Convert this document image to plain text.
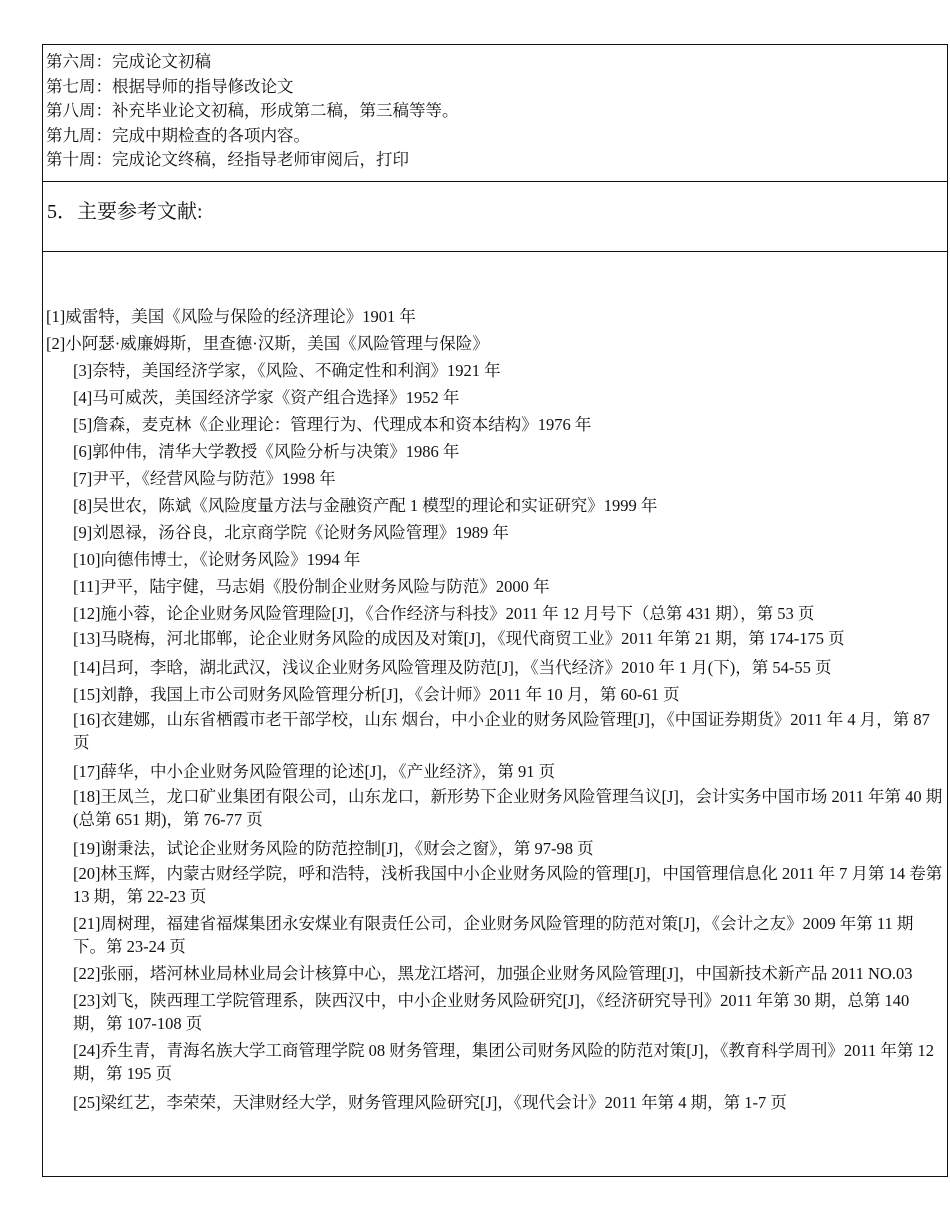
第六周：完成论文初稿
第七周：根据导师的指导修改论文
第八周：补充毕业论文初稿，形成第二稿，第三稿等等。
第九周：完成中期检查的各项内容。
第十周：完成论文终稿，经指导老师审阅后，打印
5．主要参考文献:

[1]威雷特，美国《风险与保险的经济理论》1901 年

[2]小阿瑟·威廉姆斯，里查德·汉斯，美国《风险管理与保险》

[3]奈特，美国经济学家，《风险、不确定性和利润》1921 年

[4]马可威茨，美国经济学家《资产组合选择》1952 年

[5]詹森，麦克林《企业理论：管理行为、代理成本和资本结构》1976 年

[6]郭仲伟，清华大学教授《风险分析与决策》1986 年

[7]尹平，《经营风险与防范》1998 年

[8]吴世农，陈斌《风险度量方法与金融资产配 1 模型的理论和实证研究》1999 年

[9]刘恩禄，汤谷良，北京商学院《论财务风险管理》1989 年

[10]向德伟博士，《论财务风险》1994 年

[11]尹平，陆宇健，马志娟《股份制企业财务风险与防范》2000 年

[12]施小蓉，论企业财务风险管理险[J]，《合作经济与科技》2011 年 12 月号下（总第 431 期），第 53 页

[13]马晓梅，河北邯郸，论企业财务风险的成因及对策[J]，《现代商贸工业》2011 年第 21 期，第 174-175 页

[14]吕珂，李晗，湖北武汉，浅议企业财务风险管理及防范[J]，《当代经济》2010 年 1 月(下)，第 54-55 页

[15]刘静，我国上市公司财务风险管理分析[J]，《会计师》2011 年 10 月，第 60-61 页

[16]衣建娜，山东省栖霞市老干部学校，山东 烟台，中小企业的财务风险管理[J]，《中国证券期货》2011 年 4 月，第 87 页

[17]薛华，中小企业财务风险管理的论述[J]，《产业经济》，第 91 页

[18]王凤兰，龙口矿业集团有限公司，山东龙口，新形势下企业财务风险管理刍议[J]，会计实务中国市场 2011 年第 40 期(总第 651 期)，第 76-77 页

[19]谢秉法，试论企业财务风险的防范控制[J]，《财会之窗》，第 97-98 页

[20]林玉辉，内蒙古财经学院，呼和浩特，浅析我国中小企业财务风险的管理[J]，中国管理信息化 2011 年 7 月第 14 卷第 13 期，第 22-23 页

[21]周树理，福建省福煤集团永安煤业有限责任公司，企业财务风险管理的防范对策[J]，《会计之友》2009 年第 11 期下。第 23-24 页

[22]张丽，塔河林业局林业局会计核算中心，黑龙江塔河，加强企业财务风险管理[J]，中国新技术新产品 2011 NO.03

[23]刘飞，陕西理工学院管理系，陕西汉中，中小企业财务风险研究[J]，《经济研究导刊》2011 年第 30 期，总第 140 期，第 107-108 页

[24]乔生青，青海名族大学工商管理学院 08 财务管理，集团公司财务风险的防范对策[J]，《教育科学周刊》2011 年第 12 期，第 195 页

[25]梁红艺，李荣荣，天津财经大学，财务管理风险研究[J]，《现代会计》2011 年第 4 期，第 1-7 页
